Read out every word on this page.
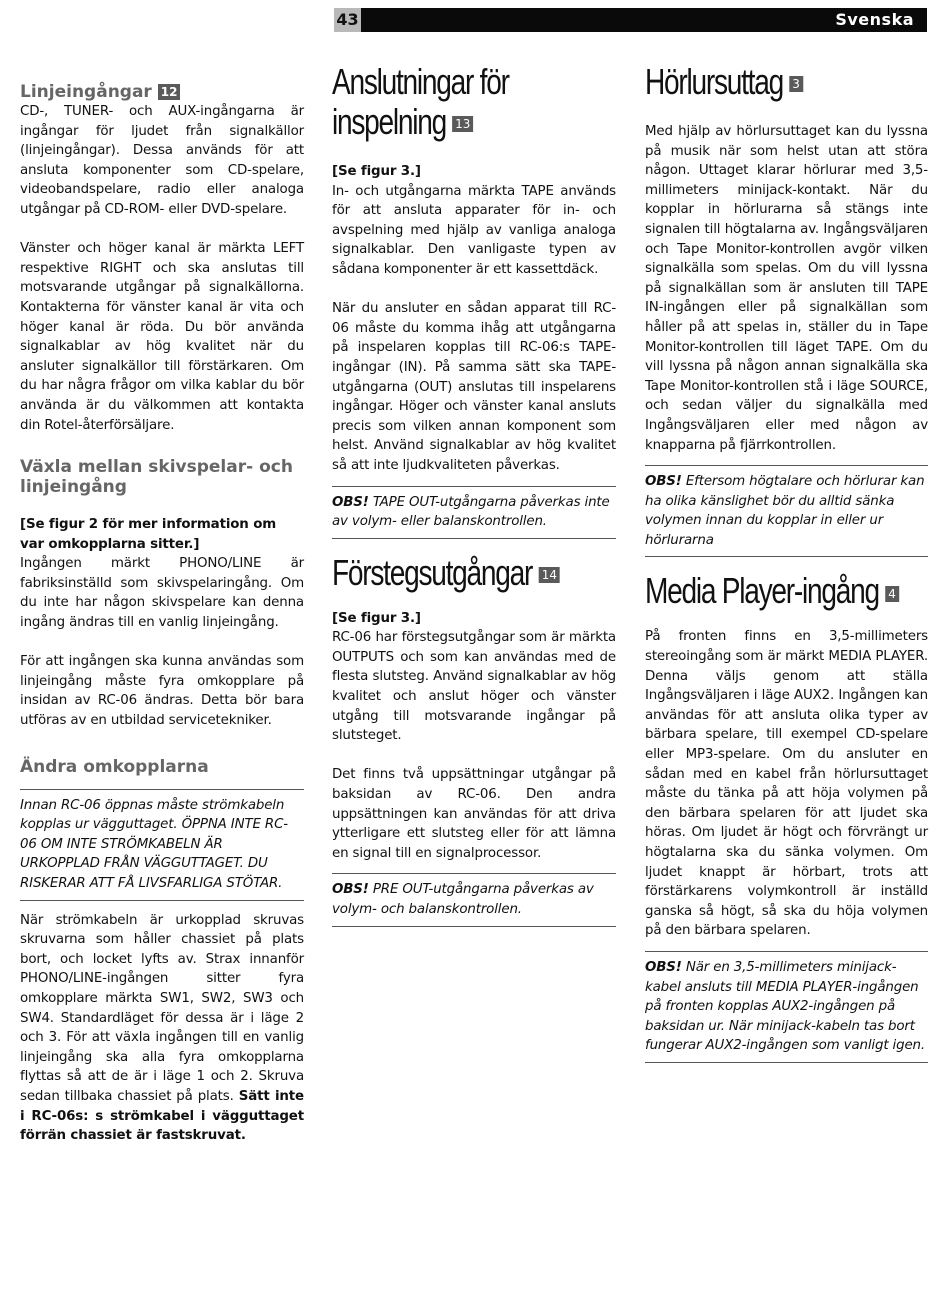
43	Svenska
Linjeingångar 12

CD-, TUNER- och AUX-ingångarna är ingångar för ljudet från signalkällor (linjeingångar). Dessa används för att ansluta komponenter som CD-spelare, videobandspelare, radio eller analoga utgångar på CD-ROM- eller DVD-spelare.

Vänster och höger kanal är märkta LEFT respektive RIGHT och ska anslutas till motsvarande utgångar på signalkällorna. Kontakterna för vänster kanal är vita och höger kanal är röda. Du bör använda signalkablar av hög kvalitet när du ansluter signalkällor till förstärkaren. Om du har några frågor om vilka kablar du bör använda är du välkommen att kontakta din Rotel-återförsäljare.

Växla mellan skivspelar- och linjeingång

[Se figur 2 för mer information om var omkopplarna sitter.]

Ingången märkt PHONO/LINE är fabriksinställd som skivspelaringång. Om du inte har någon skivspelare kan denna ingång ändras till en vanlig linjeingång.

För att ingången ska kunna användas som linjeingång måste fyra omkopplare på insidan av RC-06 ändras. Detta bör bara utföras av en utbildad servicetekniker.

Ändra omkopplarna

Innan RC-06 öppnas måste strömkabeln kopplas ur vägguttaget. ÖPPNA INTE RC-06 OM INTE STRÖMKABELN ÄR URKOPPLAD FRÅN VÄGGUTTAGET. DU RISKERAR ATT FÅ LIVSFARLIGA STÖTAR.

När strömkabeln är urkopplad skruvas skruvarna som håller chassiet på plats bort, och locket lyfts av. Strax innanför PHONO/LINE-ingången sitter fyra omkopplare märkta SW1, SW2, SW3 och SW4. Standardläget för dessa är i läge 2 och 3. För att växla ingången till en vanlig linjeingång ska alla fyra omkopplarna flyttas så att de är i läge 1 och 2. Skruva sedan tillbaka chassiet på plats. Sätt inte i RC-06s: s strömkabel i vägguttaget förrän chassiet är fastskruvat.

Anslutningar för
inspelning 13

[Se figur 3.]

In- och utgångarna märkta TAPE används för att ansluta apparater för in- och avspelning med hjälp av vanliga analoga signalkablar. Den vanligaste typen av sådana komponenter är ett kassettdäck.

När du ansluter en sådan apparat till RC-06 måste du komma ihåg att utgångarna på inspelaren kopplas till RC-06:s TAPE-ingångar (IN). På samma sätt ska TAPE-utgångarna (OUT) anslutas till inspelarens ingångar. Höger och vänster kanal ansluts precis som vilken annan komponent som helst. Använd signalkablar av hög kvalitet så att inte ljudkvaliteten påverkas.

OBS! TAPE OUT-utgångarna påverkas inte av volym- eller balanskontrollen.

Förstegsutgångar 14

[Se figur 3.]

RC-06 har förstegsutgångar som är märkta OUTPUTS och som kan användas med de flesta slutsteg. Använd signalkablar av hög kvalitet och anslut höger och vänster utgång till motsvarande ingångar på slutsteget.

Det finns två uppsättningar utgångar på baksidan av RC-06. Den andra uppsättningen kan användas för att driva ytterligare ett slutsteg eller för att lämna en signal till en signalprocessor.

OBS! PRE OUT-utgångarna påverkas av volym- och balanskontrollen.

Hörlursuttag 3

Med hjälp av hörlursuttaget kan du lyssna på musik när som helst utan att störa någon. Uttaget klarar hörlurar med 3,5-millimeters minijack-kontakt. När du kopplar in hörlurarna så stängs inte signalen till högtalarna av. Ingångsväljaren och Tape Monitor-kontrollen avgör vilken signalkälla som spelas. Om du vill lyssna på signalkällan som är ansluten till TAPE IN-ingången eller på signalkällan som håller på att spelas in, ställer du in Tape Monitor-kontrollen till läget TAPE. Om du vill lyssna på någon annan signalkälla ska Tape Monitor-kontrollen stå i läge SOURCE, och sedan väljer du signalkälla med Ingångsväljaren eller med någon av knapparna på fjärrkontrollen.

OBS! Eftersom högtalare och hörlurar kan ha olika känslighet bör du alltid sänka volymen innan du kopplar in eller ur hörlurarna

Media Player-ingång 4

På fronten finns en 3,5-millimeters stereoingång som är märkt MEDIA PLAYER. Denna väljs genom att ställa Ingångsväljaren i läge AUX2. Ingången kan användas för att ansluta olika typer av bärbara spelare, till exempel CD-spelare eller MP3-spelare. Om du ansluter en sådan med en kabel från hörlursuttaget måste du tänka på att höja volymen på den bärbara spelaren för att ljudet ska höras. Om ljudet är högt och förvrängt ur högtalarna ska du sänka volymen. Om ljudet knappt är hörbart, trots att förstärkarens volymkontroll är inställd ganska så högt, så ska du höja volymen på den bärbara spelaren.

OBS! När en 3,5-millimeters minijack-kabel ansluts till MEDIA PLAYER-ingången på fronten kopplas AUX2-ingången på baksidan ur. När minijack-kabeln tas bort fungerar AUX2-ingången som vanligt igen.
